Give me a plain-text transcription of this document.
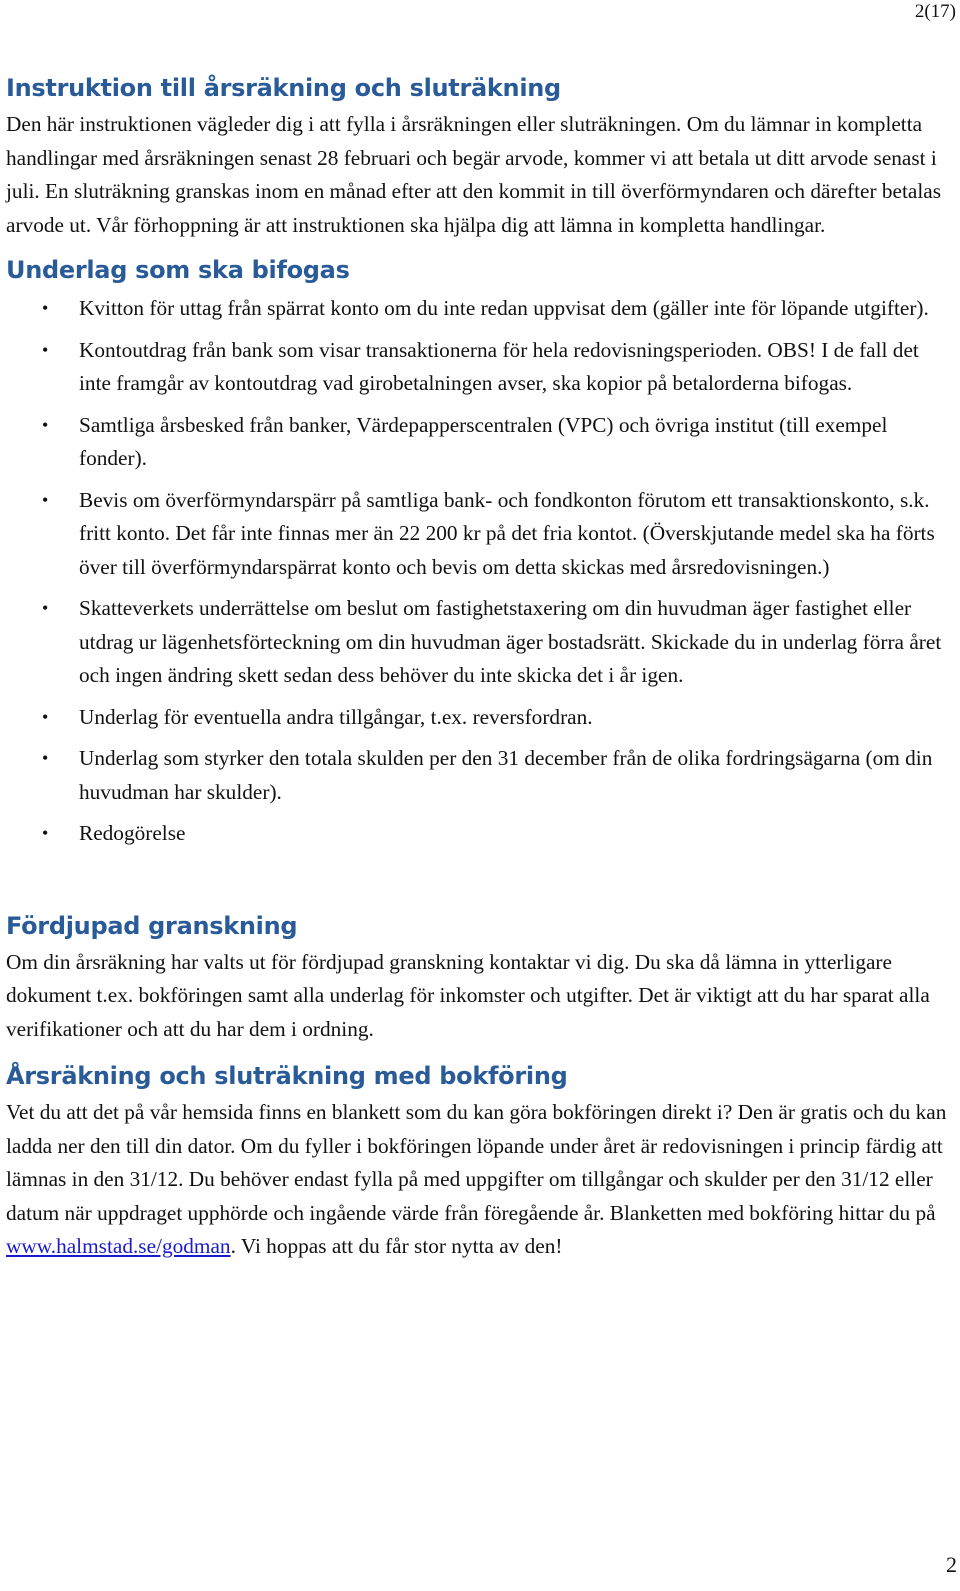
2(17)
Instruktion till årsräkning och sluträkning

Den här instruktionen vägleder dig i att fylla i årsräkningen eller sluträkningen. Om du lämnar in kompletta handlingar med årsräkningen senast 28 februari och begär arvode, kommer vi att betala ut ditt arvode senast i juli. En sluträkning granskas inom en månad efter att den kommit in till överförmyndaren och därefter betalas arvode ut. Vår förhoppning är att instruktionen ska hjälpa dig att lämna in kompletta handlingar.

Underlag som ska bifogas
• Kvitton för uttag från spärrat konto om du inte redan uppvisat dem (gäller inte för löpande utgifter).
• Kontoutdrag från bank som visar transaktionerna för hela redovisningsperioden. OBS! I de fall det inte framgår av kontoutdrag vad girobetalningen avser, ska kopior på betalorderna bifogas.
• Samtliga årsbesked från banker, Värdepapperscentralen (VPC) och övriga institut (till exempel fonder).
• Bevis om överförmyndarspärr på samtliga bank- och fondkonton förutom ett transaktionskonto, s.k. fritt konto. Det får inte finnas mer än 22 200 kr på det fria kontot. (Överskjutande medel ska ha förts över till överförmyndarspärrat konto och bevis om detta skickas med årsredovisningen.)
• Skatteverkets underrättelse om beslut om fastighetstaxering om din huvudman äger fastighet eller utdrag ur lägenhetsförteckning om din huvudman äger bostadsrätt. Skickade du in underlag förra året och ingen ändring skett sedan dess behöver du inte skicka det i år igen.
• Underlag för eventuella andra tillgångar, t.ex. reversfordran.
• Underlag som styrker den totala skulden per den 31 december från de olika fordringsägarna (om din huvudman har skulder).
• Redogörelse
Fördjupad granskning

Om din årsräkning har valts ut för fördjupad granskning kontaktar vi dig. Du ska då lämna in ytterligare dokument t.ex. bokföringen samt alla underlag för inkomster och utgifter. Det är viktigt att du har sparat alla verifikationer och att du har dem i ordning.

Årsräkning och sluträkning med bokföring

Vet du att det på vår hemsida finns en blankett som du kan göra bokföringen direkt i? Den är gratis och du kan ladda ner den till din dator. Om du fyller i bokföringen löpande under året är redovisningen i princip färdig att lämnas in den 31/12. Du behöver endast fylla på med uppgifter om tillgångar och skulder per den 31/12 eller datum när uppdraget upphörde och ingående värde från föregående år. Blanketten med bokföring hittar du på www.halmstad.se/godman. Vi hoppas att du får stor nytta av den!

2
